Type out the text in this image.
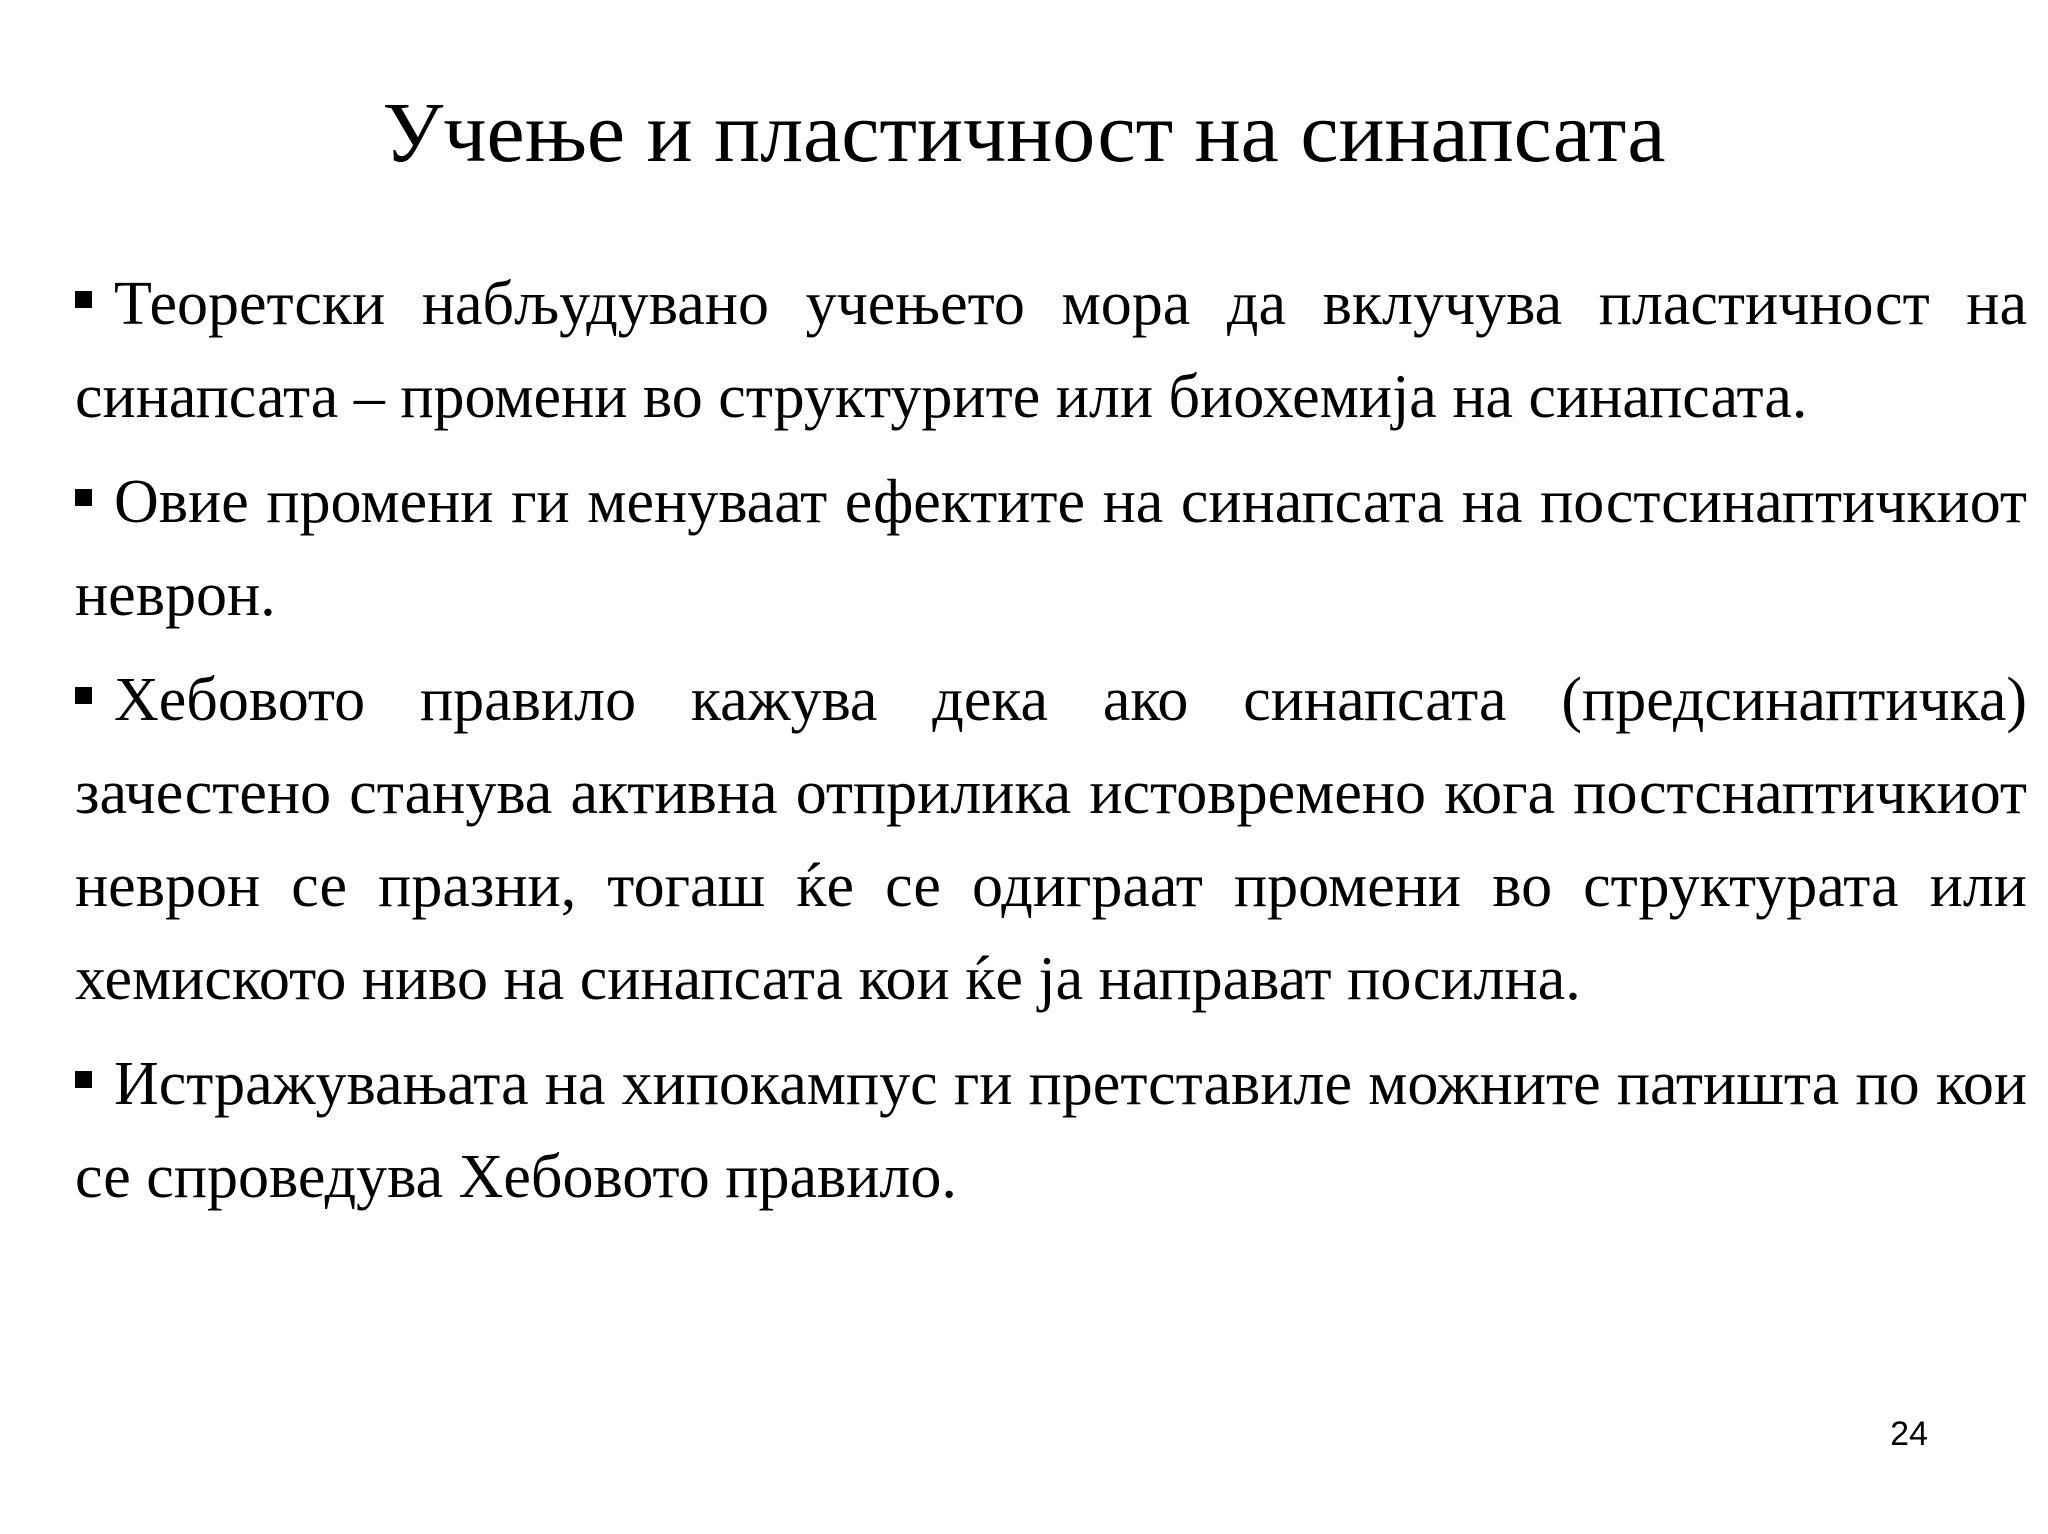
Учење и пластичност на синапсата
Теоретски набљудувано учењето мора да вклучува пластичност на синапсата – промени во структурите или биохемија на синапсата.
Овие промени ги менуваат ефектите на синапсата на постсинаптичкиот неврон.
Хебовото правило кажува дека ако синапсата (предсинаптичка) зачестено станува активна отприлика истовремено кога постснаптичкиот неврон се празни, тогаш ќе се одиграат промени во структурата или хемиското ниво на синапсата кои ќе ја направат посилна.
Истражувањата на хипокампус ги претставиле можните патишта по кои се спроведува Хебовото правило.
24
